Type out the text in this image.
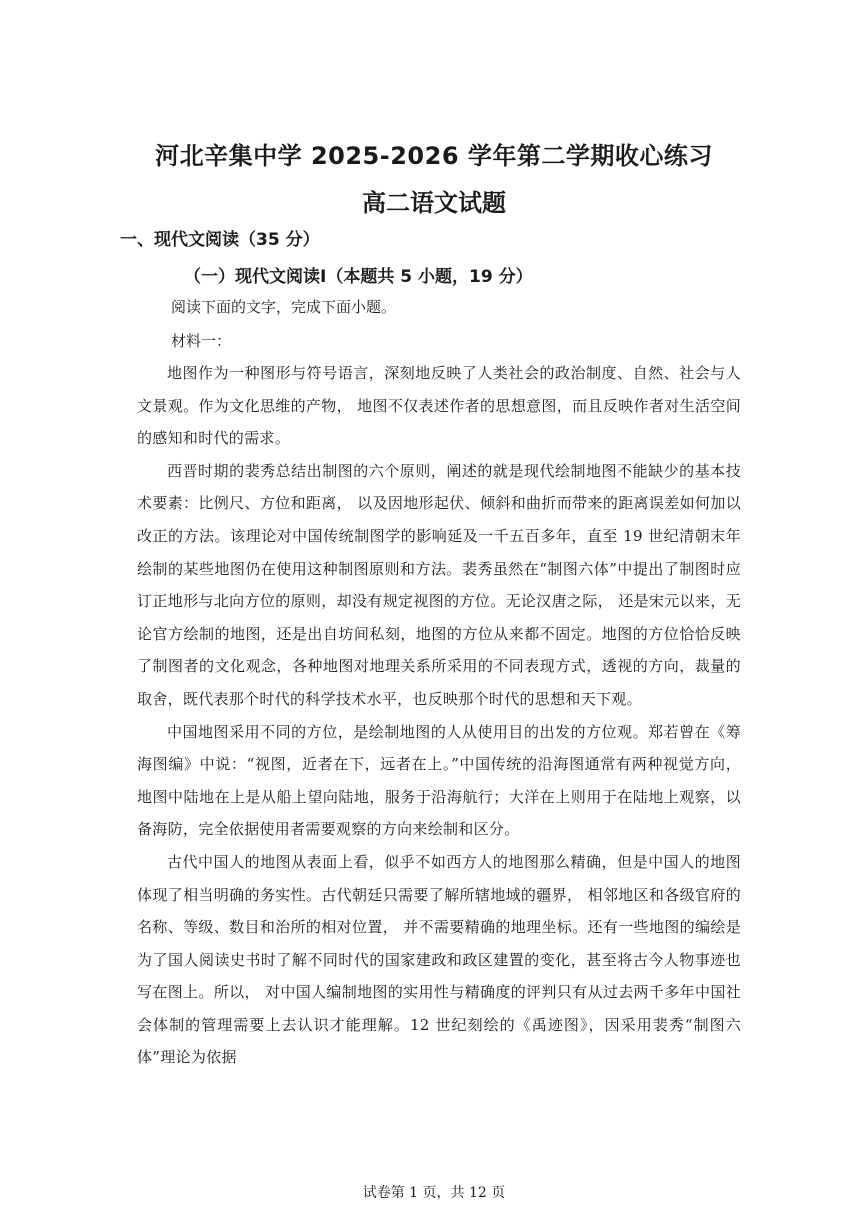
河北辛集中学 2025-2026 学年第二学期收心练习
高二语文试题
一、现代文阅读（35 分）
（一）现代文阅读I（本题共 5 小题，19 分）
阅读下面的文字，完成下面小题。
材料一：

地图作为一种图形与符号语言，深刻地反映了人类社会的政治制度、自然、社会与人文景观。作为文化思维的产物， 地图不仅表述作者的思想意图，而且反映作者对生活空间的感知和时代的需求。

西晋时期的裴秀总结出制图的六个原则，阐述的就是现代绘制地图不能缺少的基本技术要素：比例尺、方位和距离， 以及因地形起伏、倾斜和曲折而带来的距离误差如何加以改正的方法。该理论对中国传统制图学的影响延及一千五百多年，直至 19 世纪清朝末年绘制的某些地图仍在使用这种制图原则和方法。裴秀虽然在“制图六体”中提出了制图时应订正地形与北向方位的原则，却没有规定视图的方位。无论汉唐之际， 还是宋元以来，无论官方绘制的地图，还是出自坊间私刻，地图的方位从来都不固定。地图的方位恰恰反映了制图者的文化观念，各种地图对地理关系所采用的不同表现方式，透视的方向，裁量的取舍，既代表那个时代的科学技术水平，也反映那个时代的思想和天下观。

中国地图采用不同的方位，是绘制地图的人从使用目的出发的方位观。郑若曾在《筹海图编》中说：“视图，近者在下，远者在上。”中国传统的沿海图通常有两种视觉方向，地图中陆地在上是从船上望向陆地，服务于沿海航行；大洋在上则用于在陆地上观察，以备海防，完全依据使用者需要观察的方向来绘制和区分。

古代中国人的地图从表面上看，似乎不如西方人的地图那么精确，但是中国人的地图体现了相当明确的务实性。古代朝廷只需要了解所辖地域的疆界， 相邻地区和各级官府的名称、等级、数目和治所的相对位置， 并不需要精确的地理坐标。还有一些地图的编绘是为了国人阅读史书时了解不同时代的国家建政和政区建置的变化，甚至将古今人物事迹也写在图上。所以， 对中国人编制地图的实用性与精确度的评判只有从过去两千多年中国社会体制的管理需要上去认识才能理解。12 世纪刻绘的《禹迹图》，因采用裴秀“制图六体”理论为依据

试卷第 1 页，共 12 页
